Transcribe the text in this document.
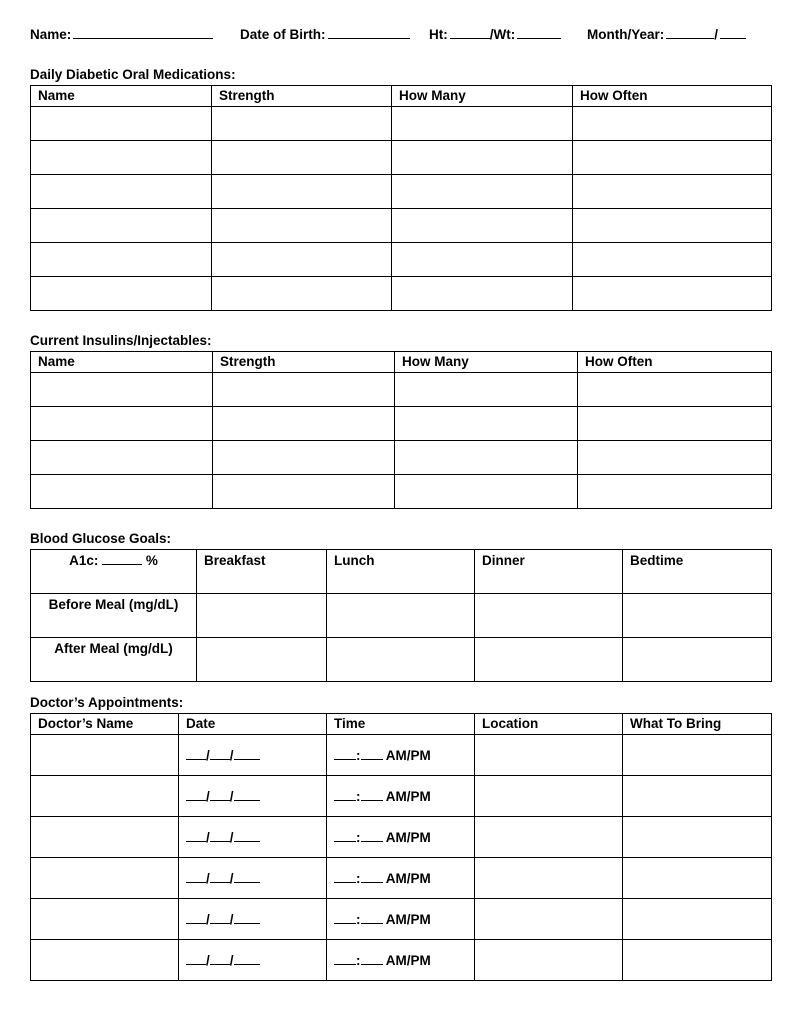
Name:	Date of Birth:	Ht:	/Wt:	Month/Year:	/
Daily Diabetic Oral Medications:
Name	Strength	How Many	How Often

Current Insulins/Injectables:
Name	Strength	How Many	How Often

Blood Glucose Goals:
A1c: %	Breakfast	Lunch	Dinner	Bedtime
Before Meal (mg/dL)				
After Meal (mg/dL)				
Doctor’s Appointments:
Doctor’s Name	Date	Time	Location	What To Bring
	/ /	: AM/PM		
	/ /	: AM/PM		
	/ /	: AM/PM		
	/ /	: AM/PM		
	/ /	: AM/PM		
	/ /	: AM/PM		
